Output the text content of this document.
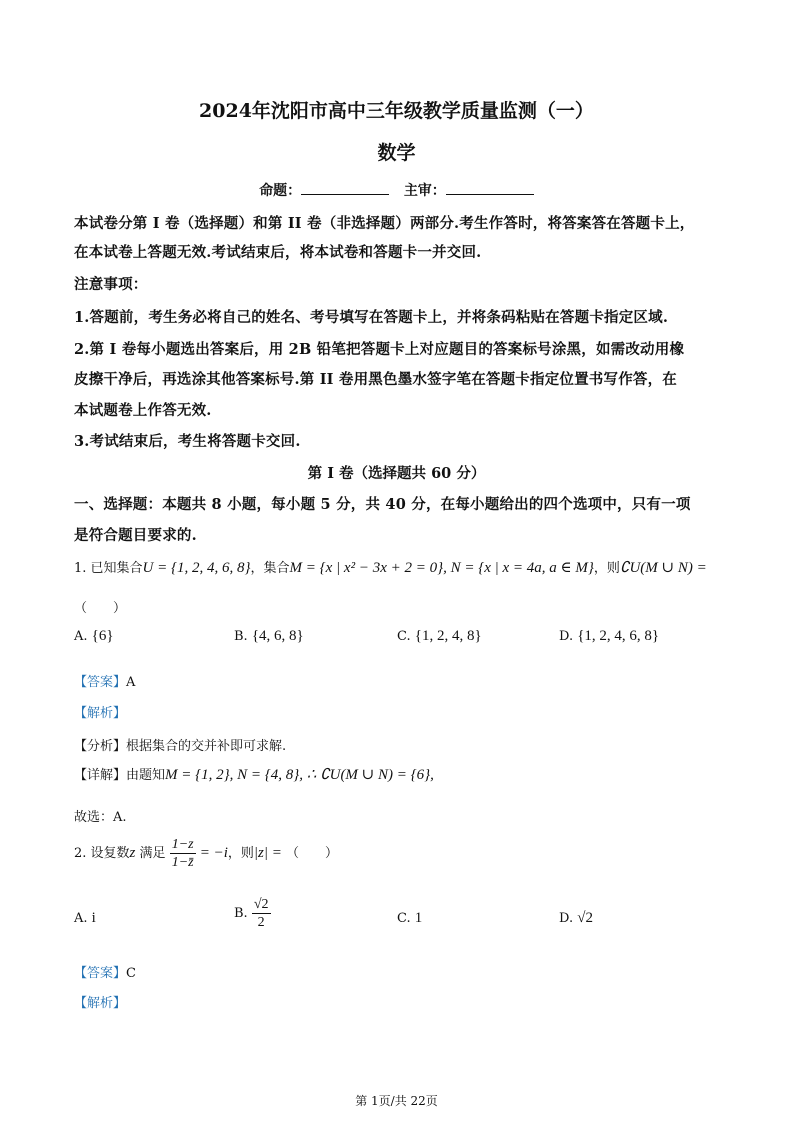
2024年沈阳市高中三年级教学质量监测（一）
数学
命题：	主审：
本试卷分第 I 卷（选择题）和第 II 卷（非选择题）两部分.考生作答时，将答案答在答题卡上，
在本试卷上答题无效.考试结束后，将本试卷和答题卡一并交回.
注意事项：
1.答题前，考生务必将自己的姓名、考号填写在答题卡上，并将条码粘贴在答题卡指定区域.
2.第 I 卷每小题选出答案后，用 2B 铅笔把答题卡上对应题目的答案标号涂黑，如需改动用橡
皮擦干净后，再选涂其他答案标号.第 II 卷用黑色墨水签字笔在答题卡指定位置书写作答，在
本试题卷上作答无效.
3.考试结束后，考生将答题卡交回.
第 I 卷（选择题共 60 分）
一、选择题：本题共 8 小题，每小题 5 分，共 40 分，在每小题给出的四个选项中，只有一项
是符合题目要求的.
1. 已知集合U = {1, 2, 4, 6, 8}，集合M = {x | x² − 3x + 2 = 0}, N = {x | x = 4a, a ∈ M}，则∁U(M ∪ N) =
（　　）
A. {6}	B. {4, 6, 8}	C. {1, 2, 4, 8}	D. {1, 2, 4, 6, 8}
【答案】A
【解析】
【分析】根据集合的交并补即可求解.
【详解】由题知M = {1, 2}, N = {4, 8}, ∴ ∁U(M ∪ N) = {6},
故选：A.
2. 设复数z 满足 $\frac{1-z}{1-z̄} = -i$，则|z| = （　　）
A. i	B. $\frac{√2}{2}$	C. 1	D. √2
【答案】C
【解析】
第 1页/共 22页
